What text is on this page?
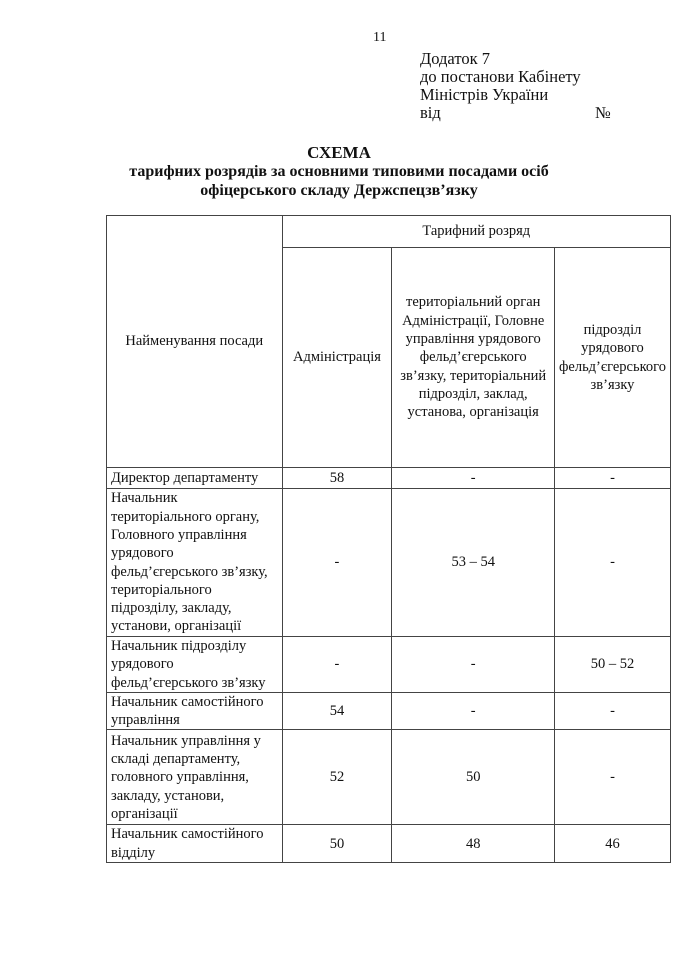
11
Додаток 7
до постанови Кабінету
Міністрів України
від	№
СХЕМА
тарифних розрядів за основними типовими посадами осіб
офіцерського складу Держспецзв’язку
Найменування посади	Тарифний розряд		
	Адміністрація	територіальний орган Адміністрації, Головне управління урядового фельд’єгерського зв’язку, територіальний підрозділ, заклад, установа, організація	підрозділ урядового фельд’єгерського зв’язку
Директор департаменту	58	-	-
Начальник територіального органу, Головного управління урядового фельд’єгерського зв’язку, територіального підрозділу, закладу, установи, організації	-	53 – 54	-
Начальник підрозділу урядового фельд’єгерського зв’язку	-	-	50 – 52
Начальник самостійного управління	54	-	-
Начальник управління у складі департаменту, головного управління, закладу, установи, організації	52	50	-
Начальник самостійного відділу	50	48	46
